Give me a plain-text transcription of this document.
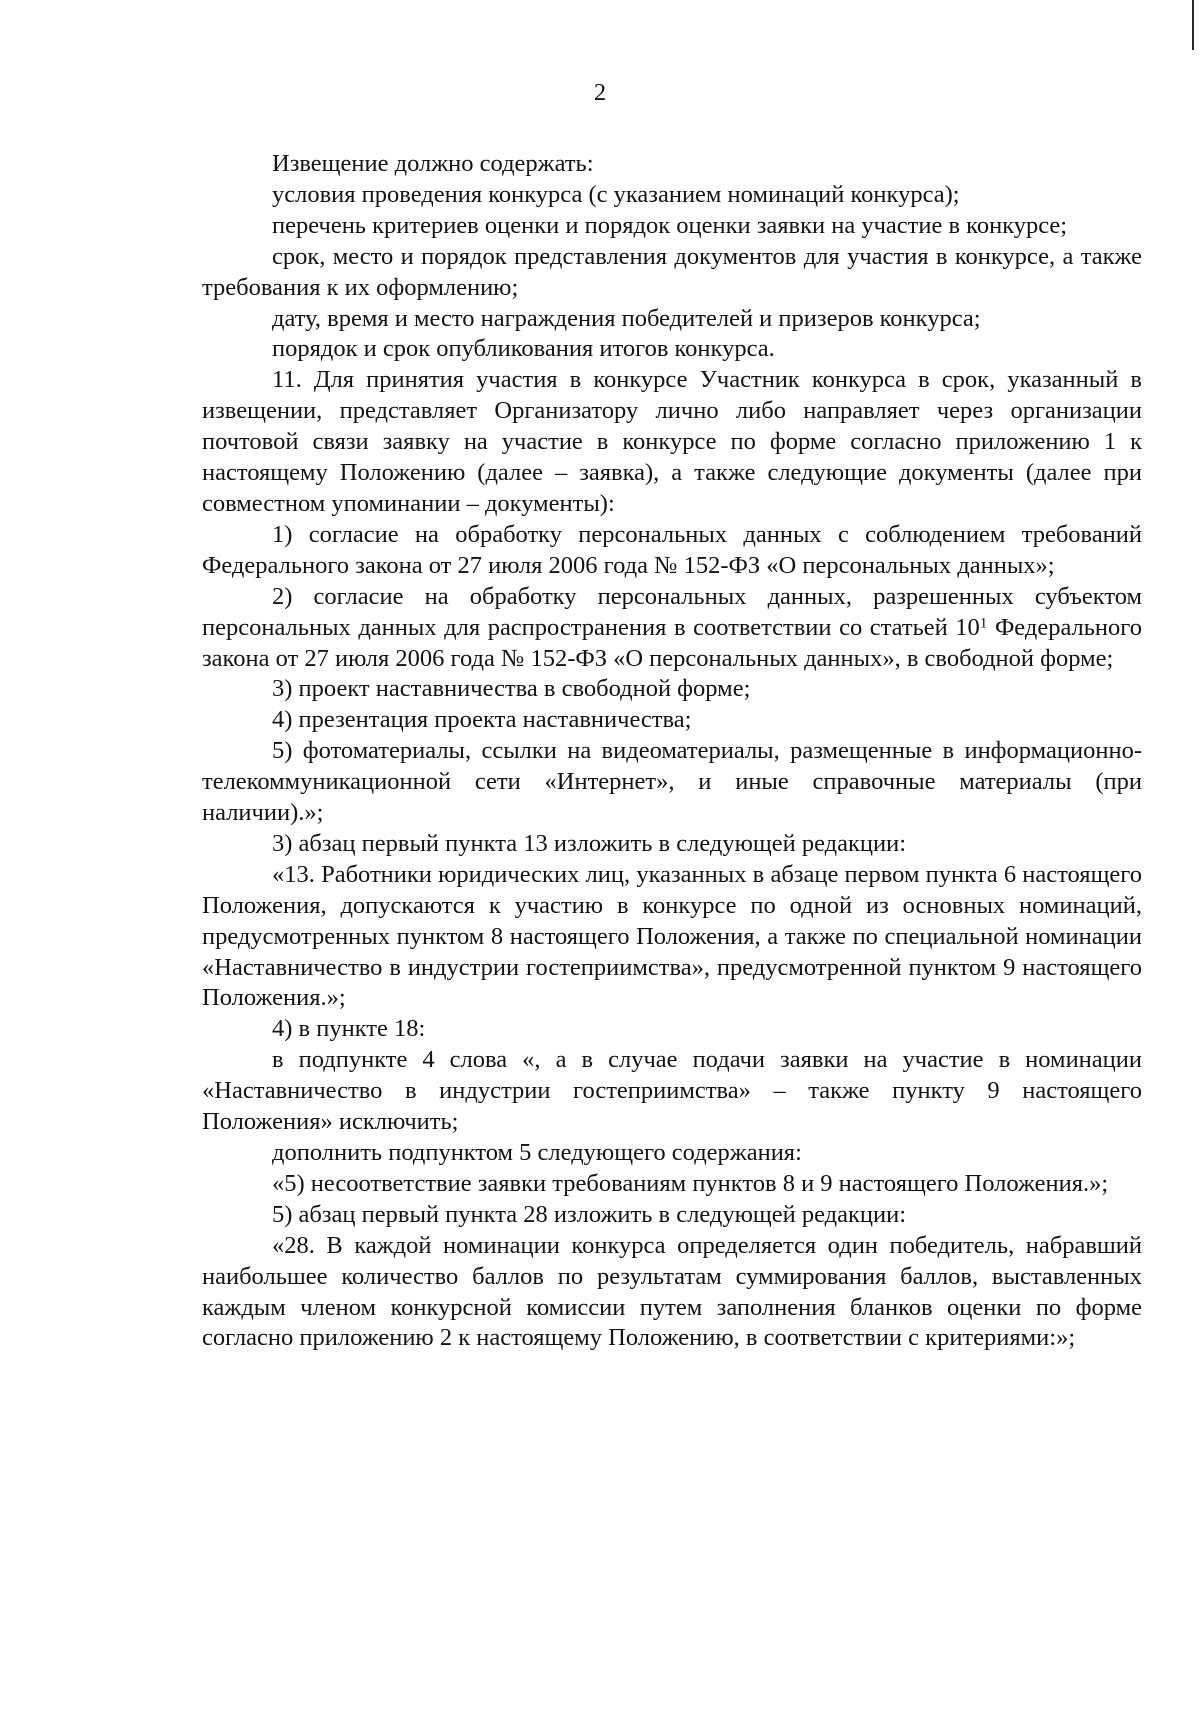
2

Извещение должно содержать:

условия проведения конкурса (с указанием номинаций конкурса);

перечень критериев оценки и порядок оценки заявки на участие в конкурсе;

срок, место и порядок представления документов для участия в конкурсе, а также требования к их оформлению;

дату, время и место награждения победителей и призеров конкурса;

порядок и срок опубликования итогов конкурса.

11. Для принятия участия в конкурсе Участник конкурса в срок, указанный в извещении, представляет Организатору лично либо направляет через организации почтовой связи заявку на участие в конкурсе по форме согласно приложению 1 к настоящему Положению (далее – заявка), а также следующие документы (далее при совместном упоминании – документы):

1) согласие на обработку персональных данных с соблюдением требований Федерального закона от 27 июля 2006 года № 152-ФЗ «О персональных данных»;

2) согласие на обработку персональных данных, разрешенных субъектом персональных данных для распространения в соответствии со статьей $10^1$ Федерального закона от 27 июля 2006 года № 152-ФЗ «О персональных данных», в свободной форме;

3) проект наставничества в свободной форме;

4) презентация проекта наставничества;

5) фотоматериалы, ссылки на видеоматериалы, размещенные в информационно-телекоммуникационной сети «Интернет», и иные справочные материалы (при наличии).»;

3) абзац первый пункта 13 изложить в следующей редакции:

«13. Работники юридических лиц, указанных в абзаце первом пункта 6 настоящего Положения, допускаются к участию в конкурсе по одной из основных номинаций, предусмотренных пунктом 8 настоящего Положения, а также по специальной номинации «Наставничество в индустрии гостеприимства», предусмотренной пунктом 9 настоящего Положения.»;

4) в пункте 18:

в подпункте 4 слова «, а в случае подачи заявки на участие в номинации «Наставничество в индустрии гостеприимства» – также пункту 9 настоящего Положения» исключить;

дополнить подпунктом 5 следующего содержания:

«5) несоответствие заявки требованиям пунктов 8 и 9 настоящего Положения.»;

5) абзац первый пункта 28 изложить в следующей редакции:

«28. В каждой номинации конкурса определяется один победитель, набравший наибольшее количество баллов по результатам суммирования баллов, выставленных каждым членом конкурсной комиссии путем заполнения бланков оценки по форме согласно приложению 2 к настоящему Положению, в соответствии с критериями:»;
